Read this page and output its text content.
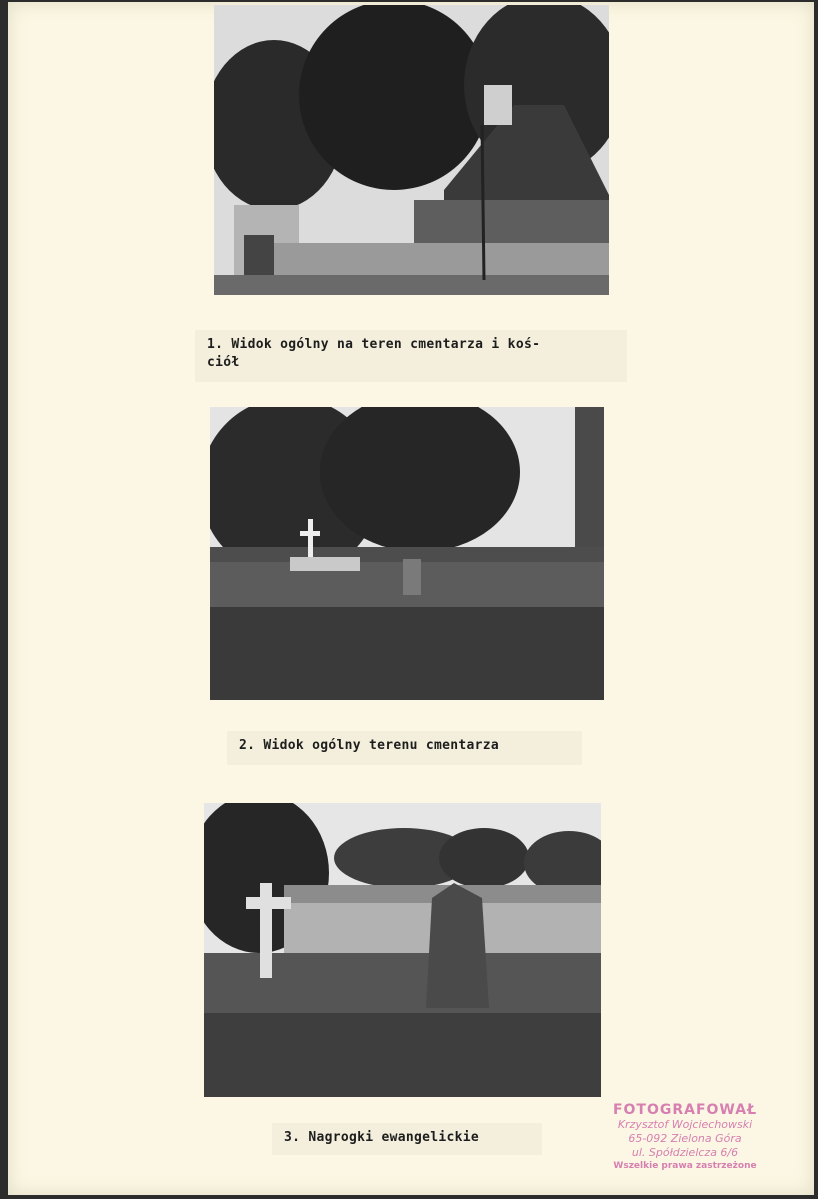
1. Widok ogólny na teren cmentarza i koś-
ciół
2. Widok ogólny terenu cmentarza
3. Nagrogki ewangelickie
FOTOGRAFOWAŁ
Krzysztof Wojciechowski
65-092 Zielona Góra
ul. Spółdzielcza 6/6
Wszelkie prawa zastrzeżone
